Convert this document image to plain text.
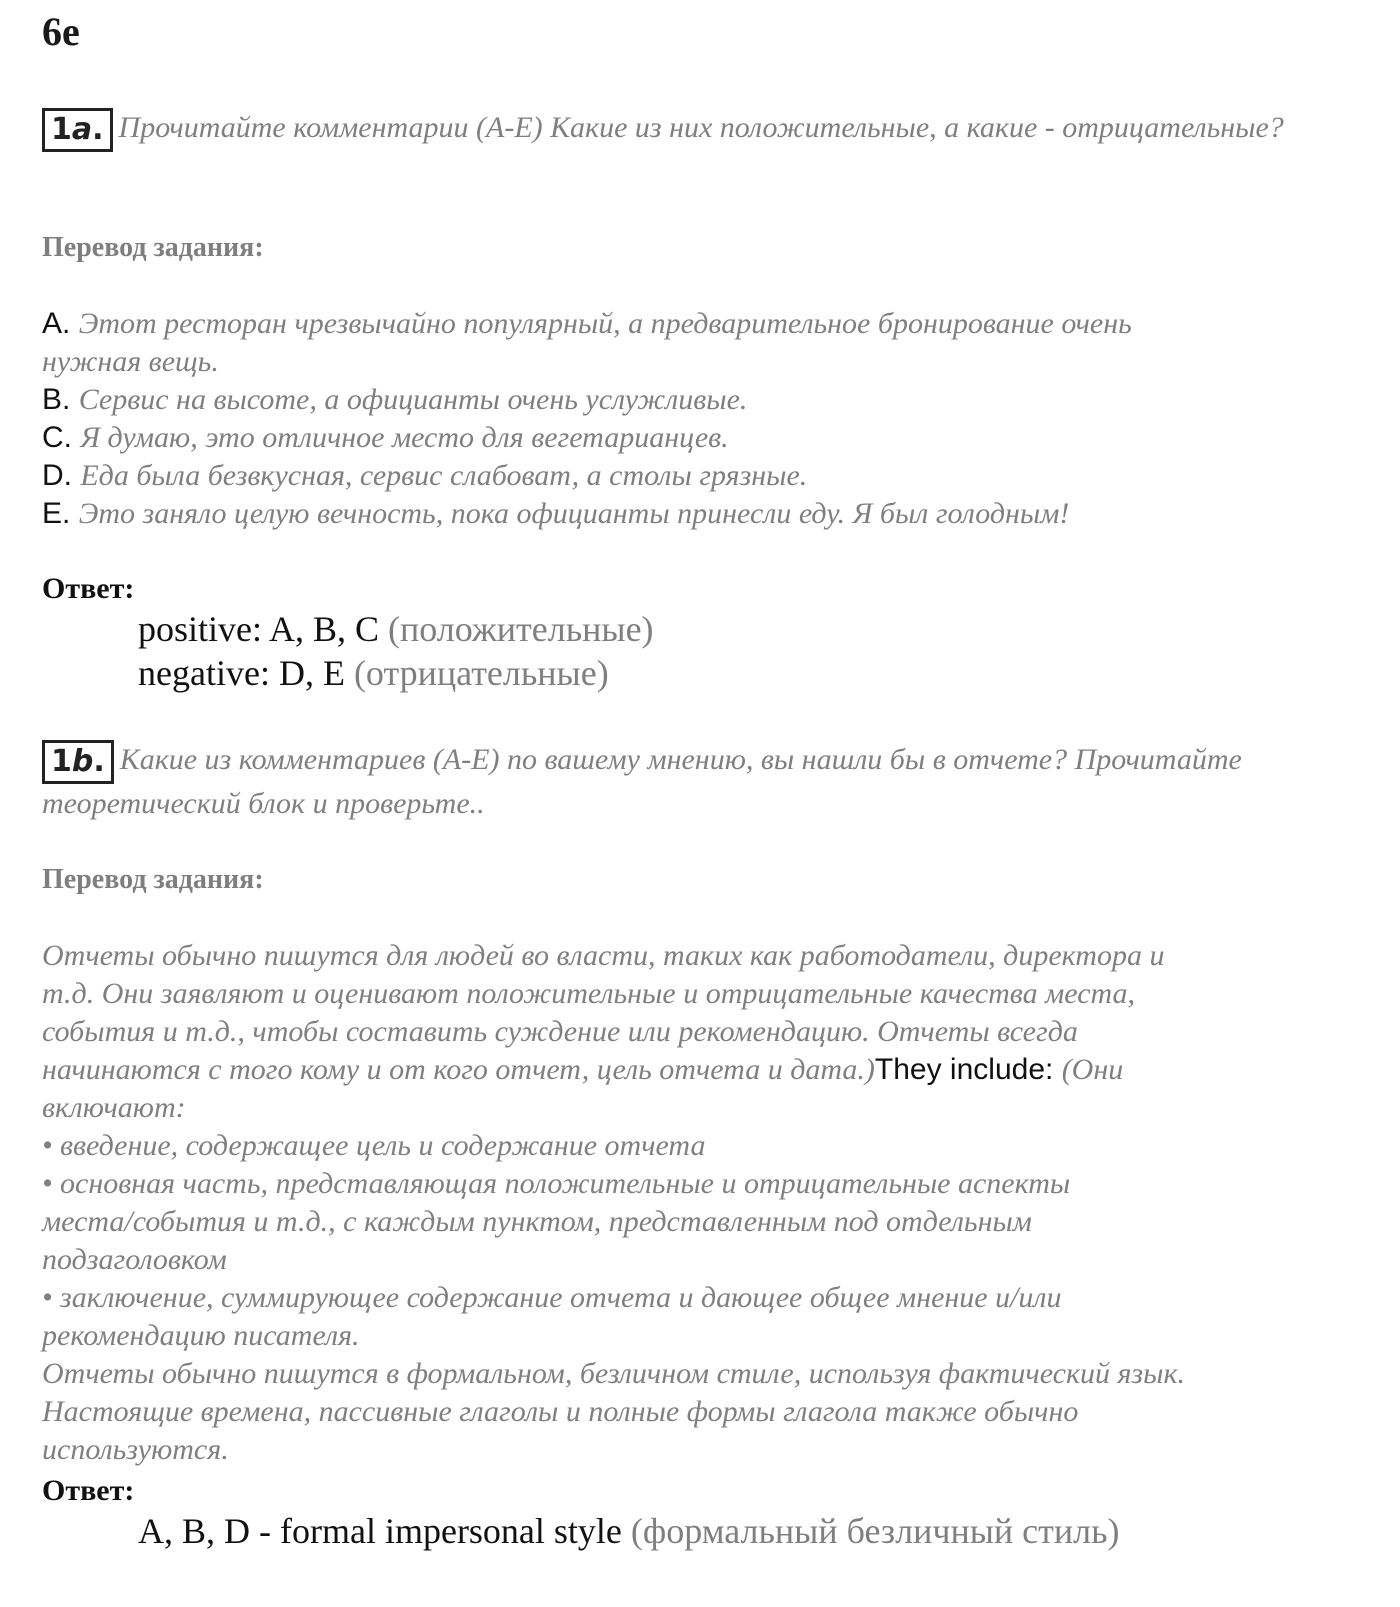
6e

1a. Прочитайте комментарии (A-E) Какие из них положительные, а какие - отрицательные?

Перевод задания:

A. Этот ресторан чрезвычайно популярный, а предварительное бронирование очень
нужная вещь.
B. Сервис на высоте, а официанты очень услужливые.
C. Я думаю, это отличное место для вегетарианцев.
D. Еда была безвкусная, сервис слабоват, а столы грязные.
E. Это заняло целую вечность, пока официанты принесли еду. Я был голодным!

Ответ:

positive: A, B, C (положительные)

negative: D, E (отрицательные)

1b. Какие из комментариев (A-E) по вашему мнению, вы нашли бы в отчете? Прочитайте теоретический блок и проверьте..

Перевод задания:

Отчеты обычно пишутся для людей во власти, таких как работодатели, директора и
т.д. Они заявляют и оценивают положительные и отрицательные качества места,
события и т.д., чтобы составить суждение или рекомендацию. Отчеты всегда
начинаются с того кому и от кого отчет, цель отчета и дата.)They include: (Они
включают:
• введение, содержащее цель и содержание отчета
• основная часть, представляющая положительные и отрицательные аспекты
места/события и т.д., с каждым пунктом, представленным под отдельным
подзаголовком
• заключение, суммирующее содержание отчета и дающее общее мнение и/или
рекомендацию писателя.
Отчеты обычно пишутся в формальном, безличном стиле, используя фактический язык.
Настоящие времена, пассивные глаголы и полные формы глагола также обычно
используются.

Ответ:

A, B, D - formal impersonal style (формальный безличный стиль)
